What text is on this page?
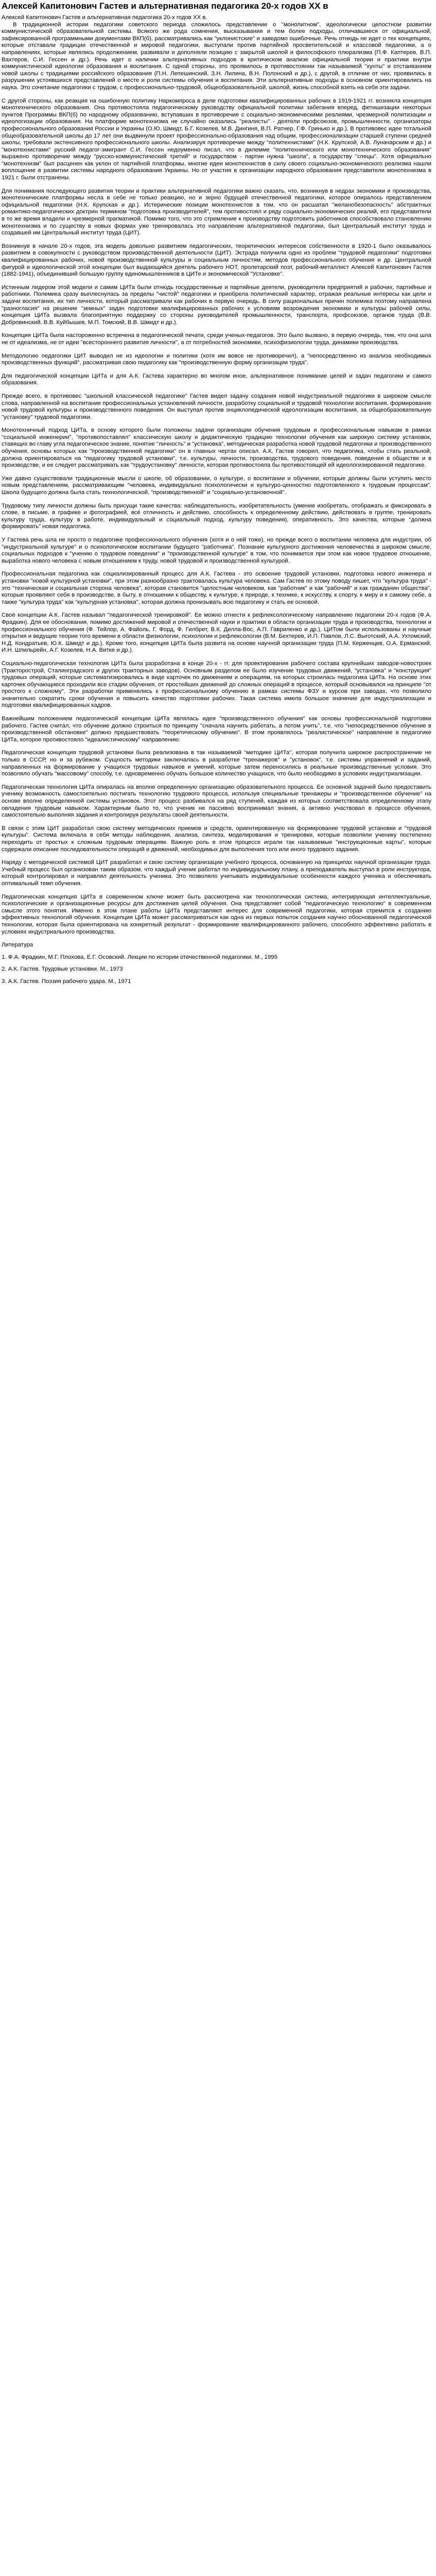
Алексей Капитонович Гастев и альтернативная педагогика 20-х годов XX в

Алексей Капитонович Гастев и альтернативная педагогика 20-х годов XX в.

В традиционной истории педагогики советского периода сложилось представление о "монолитном", идеологически целостном развитии коммунистической образовательной системы. Всякого же рода сомнения, высказывания и тем более подходы, отличавшиеся от официальной, зафиксированной программными документами ВКП(б), рассматривались как "уклонистские" и заведомо ошибочные. Речь отнюдь не идет о тех концепциях, которые отставали традиции отечественной и мировой педагогики, выступали против партийной просветительской и классовой педагогики, а о направлениях, которые являлись продолжением, развивали и дополняли позицию с закрытой школой и философского плюрализма (П.Ф. Каптерев, В.П. Вахтеров, С.И. Гессен и др.). Речь идет о наличии альтернативных подходов в критическом анализе официальной теории и практики внутри коммунистической идеологии образования и воспитания. С одной стороны, это проявилось в противостоянии так называемой "хунты" и отстаиванием новой школы с традициями российского образования (П.Н. Лепешинский, З.Н. Лилина, В.Н. Полонский и др.), с другой, в отличие от них, проявились в разрушении устоявшихся представлений о месте и роли системы обучения и воспитания. Эти альтернативные подходы в основном ориентировались на наука. Это сочетание педагогики с трудом, с профессионально-трудовой, общеобразовательной, школой, жизнь способной взять на себя эти задачи.

С другой стороны, как реакция на ошибочную политику Наркомпроса в деле подготовки квалифицированных рабочих в 1919-1921 гг. возникла концепция монотехнического образования. Она противостояла педагогическому руководству официальной политики забегания вперед, фетишизации некоторых пунктов Программы ВКП(б) по народному образованию, вступавших в противоречие с социально-экономическими реалиями, чрезмерной политизации и идеологизации образования. На платформе монотехнизма не случайно оказались "реалисты" - деятели профсоюзов, промышленности, организаторы профессионального образования России и Украины (О.Ю. Шмидт, Б.Г. Козелев, М.В. Дингиня, В.П. Ратнер, Г.Ф. Гринько и др.). В противовес идее тотальной общеобразовательной школы до 17 лет они выдвинули проект профессионально-образования над общим, профессионализации старшей ступени средней школы, требовали экстенсивного профессионального школы. Анализируя противоречие между "политехнистами" (Н.К. Крупской, А.В. Луначарским и др.) и "монотехнистами" русский педагог-эмигрант С.И. Гессен недоуменно писал, что в дилемме "политехнического или монотехнического образования" выражено противоречие между "русско-коммунистический третий" и государством - партии нужна "школа", а государству "спецы". Хотя официально "монотехнизм" был расценен как уклон от партийной платформы, многие идеи монотехнистов в силу своего социально-экономического реализма нашли воплощение в развитии системы народного образования Украины. Но от участия в организации народного образования представители монотехнизма в 1921 г. были отстранены.

Для понимания последующего развития теории и практики альтернативной педагогики важно сказать, что, возникнув в недрах экономики и производства, монотехнические платформы несла в себе не только реакцию, но и зерно будущей отечественной педагогики, которое опиралось представлением официальной педагогики (Н.К. Крупская и др.). Истерические позиции монотехнистов в том, что он расшатал "желанобезопасность" абстрактных романтико-педагогических доктрин термином "подготовка производителей", тем противостоял и ряду социально-экономических реалий, его представители в то же время владели и чрезмерной прагматикой. Помимо того, что это стремление к производству подготовить работников способствовало становлению монотехнизма и по существу в новых формах уже тренировалась это направление альтернативной педагогики, был Центральный институт труда и создавшей им Центральный институт труда (ЦИТ).

Возникнув в начале 20-х годов, эта модель довольно развитием педагогических, теоретических интересов собственности в 1920-1 было оказывалось развитием в совокупности с руководством производственной деятельности (ЦИТ). Эстрада получила одно из проблем "трудовой педагогики" подготовки квалифицированных рабочих, новой производственной культуры и социальным личностям, методов профессионального обучения и др. Центральной фигурой и идеологической этой концепции был выдающийся деятель рабочего НОТ, пролетарский поэт, рабочий-металлист Алексей Капитонович Гастев (1882-1941), объединивший большую группу единомышленников в ЦИТе и экономической "Установке".

Истинным лидером этой модели и самим ЦИТа были отнюдь государственные и партийные деятели, руководители предприятий и рабочих, партийные и работники. Полемика сразу выплеснулась за пределы "чистой" педагогики и приобрела политический характер, отражая реальные интересы как цели и задачи воспитания, их тип личности, который рассматривали как рабочих в первую очередь. В силу рациональных причин полемика поэтому направлена "разногласия" на решение "земных" задач подготовки квалифицированных рабочих к условиям возрождения экономики и культуры рабочей силы, концепция ЦИТа вызвала благоприятную поддержку со стороны руководителей промышленности, транспорта, профсоюзов, органов труда (В.В. Добровинский, В.В. Куйбышев, М.П. Томский, В.В. Шмидт и др.).

Концепция ЦИТа была настороженно встречена в педагогической печати, среди ученых-педагогов. Это было вызвано, в первую очередь, тем, что она шла не от идеализма, не от идеи "всестороннего развития личности", а от потребностей экономики, психофизиологии труда, динамики производства.

Методологию педагогики ЦИТ выводил не из идеологии и политики (хотя им вовсе не противоречил), а "непосредственно из анализа необходимых производственных функций", рассматривая свою педагогику как "производственную форму организации труда".

Для педагогической концепции ЦИТа и для А.К. Гастева характерно во многом иное, альтернативное понимание целей и задач педагогики и самого образования.

Прежде всего, в противовес "школьной классической педагогике" Гастев видел задачу создания новой индустриальной педагогики в широком смысле слова, направленной на воспитание профессиональных установлений личности, разработку социальной и трудовой технологии воспитания, формирование новой трудовой культуры и производственного поведения. Он выступал против энциклопедической идеологизации воспитания, за общеобразовательную "установку" трудовой педагогики.

Монотехничный подход ЦИТа, в основу которого были положены задачи организации обучения трудовым и профессиональным навыкам в рамках "социальной инженерии", "противопоставлял" классическую школу и дидактическую традицию технологии обучения как широкую систему установок, ставящих во главу угла педагогическое знание, понятие "личность" и "установка", методическая разработка новой трудовой педагогики и производственного обучения, основы которых как "производственной педагогики" он в главных чертах описал. А.К. Гастев говорил, что педагогика, чтобы стать реальной, должна ориентироваться на "педагогику трудовой установки", т.е. культуры, личности, производства, трудового поведения, поведения в обществе и в производстве, и ее следует рассматривать как "трудоустановку" личности, которая противостояла бы противостоящей ей идеологизированной педагогике.

Уже давно существовали традиционные мысли о школе, об образовании, о культуре, о воспитании и обучении, которые должны были уступить место новым представлениям, рассматривающим "человека, индивидуально психологически и культуро-ценностно подготовленного к трудовым процессам". Школа будущего должна была стать технологической, "производственной" и "социально-установочной".

Трудовому типу личности должны быть присущи такие качества: наблюдательность, изобретательность (умение изобретать, отображать и фиксировать в слове, в письме, в графике и фотографией, всё отличность и действию, способность к определенному действию, действовать в группе, тренировать культуру труда, культуру в работе, индивидуальный и социальный подход, культуру поведения), оперативность. Это качества, которые "должна формировать" новая педагогика.

У Гастева речь шла не просто о педагогике профессионального обучения (хотя и о ней тоже), но прежде всего о воспитании человека для индустрии, об "индустриальной культуре" и о психологическом воспитании будущего "работника". Познание культурного достижения человечества в широком смысле, социальных подходов к "учению о трудовом поведении" и "производственной культуре" в том, что понимается при этом как новое трудовое отношение, выработка нового человека с новым отношением к труду, новой трудовой и производственной культурой.

Профессиональная педагогика как социализированный процесс для А.К. Гастева - это освоение трудовой установки, подготовка нового инженера и установки "новой культурной установки", при этом разнообразно трактовалась культура человека. Сам Гастев по этому поводу пишет, что "культура труда" - это "техническая и социальная сторона человека", которая становится "целостным человеком, как "работник" и как "рабочий" и как гражданин общества", которые проявляют себя в производстве, в быту, в отношении к обществу, к культуре, к природе, к технике, к искусству, к спорту, к миру и к самому себе, а также "культура труда" как "культурная установка", которая должна пронизывать всю педагогику и стать ее основой.

Своё концепции А.К. Гастев называл "педагогической тренировкой". Ее можно отнести к рефлексологическому направлению педагогики 20-х годов (Ф.А. Фрадкин). Для ее обоснования, помимо достижений мировой и отечественной науки и практики в области организации труда и производства, технологии и профессионального обучения (Ф. Тейлор, А. Файоль, Г. Форд, Ф. Гилбрет, В.К. Делла-Вос, А.П. Гавриленко и др.), ЦИТом были использованы и научные открытия и ведущие теории того времени в области физиологии, психологии и рефлексологии (В.М. Бехтерев, И.П. Павлов, Л.С. Выготский, А.А. Ухтомский, Н.Д. Кондратьев, Ю.К. Шмидт и др.). Кроме того, концепция ЦИТа была развита на основе научной организации труда (П.М. Керженцев, О.А. Ерманский, И.Н. Шпильрейн, А.Г. Козелев, Н.А. Витке и др.).

Социально-педагогическая технология ЦИТа была разработана в конце 20-х - гг. для проектирования рабочего состава крупнейших заводов-новостроек (Тракторострой, Сталинградского и других тракторных заводов). Основным разделом ее было изучение трудовых движений, "установка" и "конструкция" трудовых операций, которые систематизировались в виде карточек по движениям и операциям, на которых строилась педагогика ЦИТа. На основе этих карточек обучающиеся проходили все стадии обучения, от простейших движений до сложных операций в процессе, который основывался на принципе "от простого к сложному". Эти разработки применялись к профессиональному обучению в рамках системы ФЗУ и курсов при заводах, что позволило значительно сократить сроки обучения и повысить качество подготовки рабочих. Такая система имела большое значение для индустриализации и подготовки квалифицированных кадров.

Важнейшим положением педагогической концепции ЦИТа являлась идея "производственного обучения" как основы профессиональной подготовки рабочего. Гастев считал, что обучение должно строиться по принципу "сначала научить работать, а потом учить", т.е. что "непосредственное обучение в производственной обстановке" должно предшествовать "теоретическому обучению". В этом проявлялось "реалистическое" направление в педагогике ЦИТа, которое противостояло "идеалистическому" направлению.

Педагогическая концепция трудовой установки была реализована в так называемой "методике ЦИТа", которая получила широкое распространение не только в СССР, но и за рубежом. Сущность методики заключалась в разработке "тренажеров" и "установок", т.е. системы упражнений и заданий, направленных на формирование у учащихся трудовых навыков и умений, которые затем переносились в реальные производственные условия. Это позволяло обучать "массовому" способу, т.е. одновременно обучать большое количество учащихся, что было необходимо в условиях индустриализации.

Педагогическая технология ЦИТа опиралась на вполне определенную организацию образовательного процесса. Ее основной задачей было предоставить ученику возможность самостоятельно постигать технологию трудового процесса, используя специальные тренажеры и "производственное обучение" на основе вполне определенной системы установок. Этот процесс разбивался на ряд ступеней, каждая из которых соответствовала определенному этапу овладения трудовым навыком. Характерным было то, что ученик не пассивно воспринимал знания, а активно участвовал в процессе обучения, самостоятельно выполняя задания и контролируя результаты своей деятельности.

В связи с этим ЦИТ разработал свою систему методических приемов и средств, ориентированную на формирование трудовой установки и "трудовой культуры". Система включала в себя методы наблюдения, анализа, синтеза, моделирования и тренировки, которые позволяли ученику постепенно переходить от простых к сложным трудовым операциям. Важную роль в этом процессе играли так называемые "инструкционные карты", которые содержали описание последовательности операций и движений, необходимых для выполнения того или иного трудового задания.

Наряду с методической системой ЦИТ разработал и свою систему организации учебного процесса, основанную на принципах научной организации труда. Учебный процесс был организован таким образом, что каждый ученик работал по индивидуальному плану, а преподаватель выступал в роли инструктора, который контролировал и направлял деятельность ученика. Это позволяло учитывать индивидуальные особенности каждого ученика и обеспечивать оптимальный темп обучения.

Педагогическая концепция ЦИТа в современном ключе может быть рассмотрена как технологическая система, интегрирующая интеллектуальные, психологические и организационные ресурсы для достижения целей обучения. Она представляет собой "педагогическую технологию" в современном смысле этого понятия. Именно в этом плане работы ЦИТа представляют интерес для современной педагогики, которая стремится к созданию эффективных технологий обучения. Концепция ЦИТа может рассматриваться как одна из первых попыток создания научно обоснованной педагогической технологии, которая была ориентирована на конкретный результат - формирование квалифицированного рабочего, способного эффективно работать в условиях индустриального производства.

Литература
1. Ф.А. Фрадкин, М.Г. Плохова, Е.Г. Осовский. Лекции по истории отечественной педагогики. М., 1995
2. А.К. Гастев. Трудовые установки. М., 1973
3. А.К. Гастев. Поэзия рабочего удара. М., 1971
